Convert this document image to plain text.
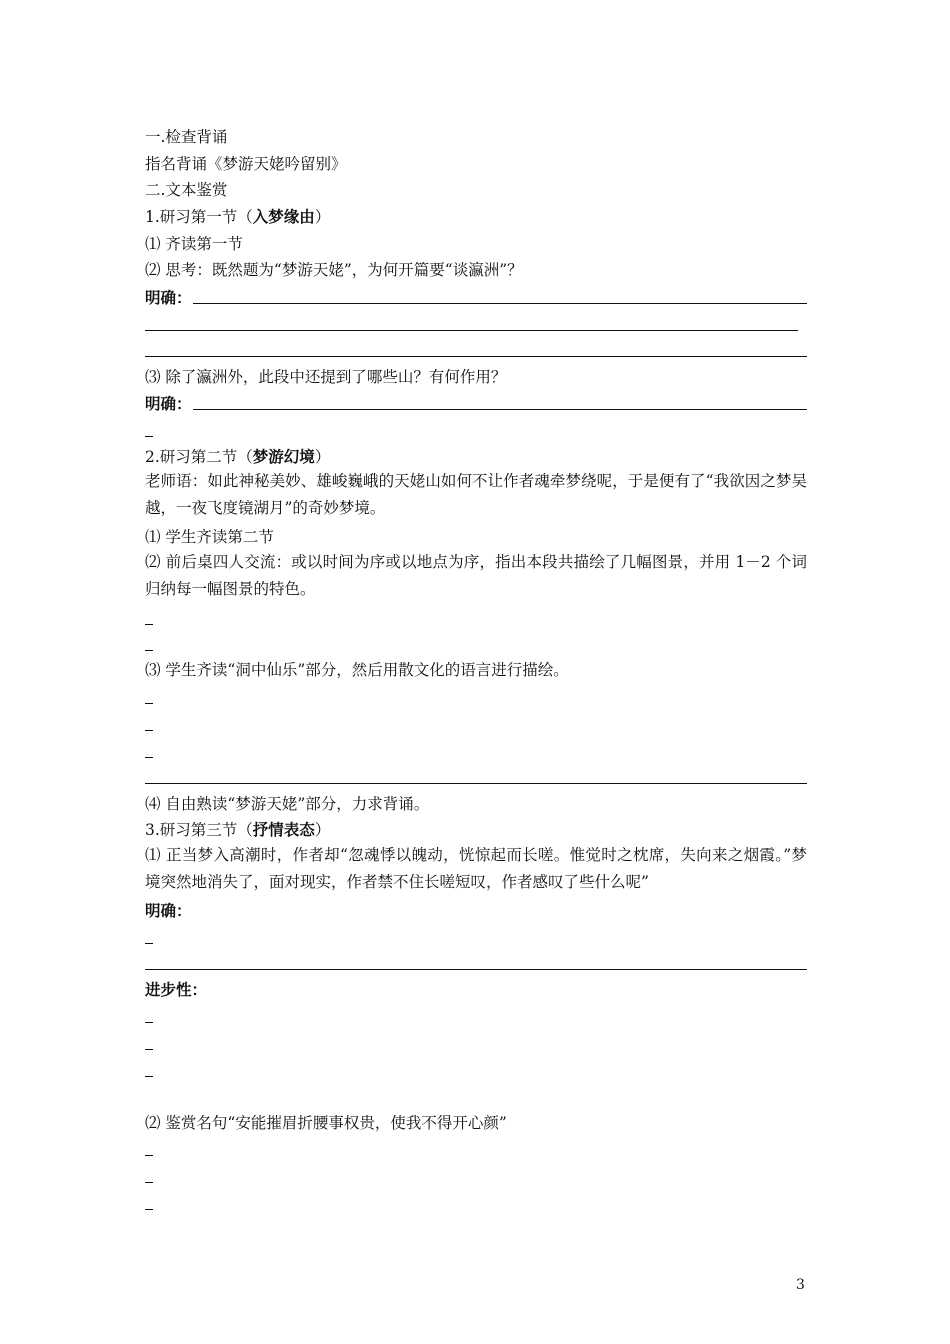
一.检查背诵
指名背诵《梦游天姥吟留别》
二.文本鉴赏
1.研习第一节（入梦缘由）
⑴ 齐读第一节
⑵ 思考：既然题为“梦游天姥”，为何开篇要“谈瀛洲”？
明确：
⑶ 除了瀛洲外，此段中还提到了哪些山？有何作用？
明确：
2.研习第二节（梦游幻境）
老师语：如此神秘美妙、雄峻巍峨的天姥山如何不让作者魂牵梦绕呢，于是便有了“我欲因之梦吴越，一夜飞度镜湖月”的奇妙梦境。
⑴ 学生齐读第二节
⑵ 前后桌四人交流：或以时间为序或以地点为序，指出本段共描绘了几幅图景，并用 1－2 个词归纳每一幅图景的特色。
⑶ 学生齐读“洞中仙乐”部分，然后用散文化的语言进行描绘。
⑷ 自由熟读“梦游天姥”部分，力求背诵。
3.研习第三节（抒情表态）
⑴ 正当梦入高潮时，作者却“忽魂悸以魄动，恍惊起而长嗟。惟觉时之枕席，失向来之烟霞。”梦境突然地消失了，面对现实，作者禁不住长嗟短叹，作者感叹了些什么呢”
明确：
进步性：
⑵ 鉴赏名句“安能摧眉折腰事权贵，使我不得开心颜”
3
